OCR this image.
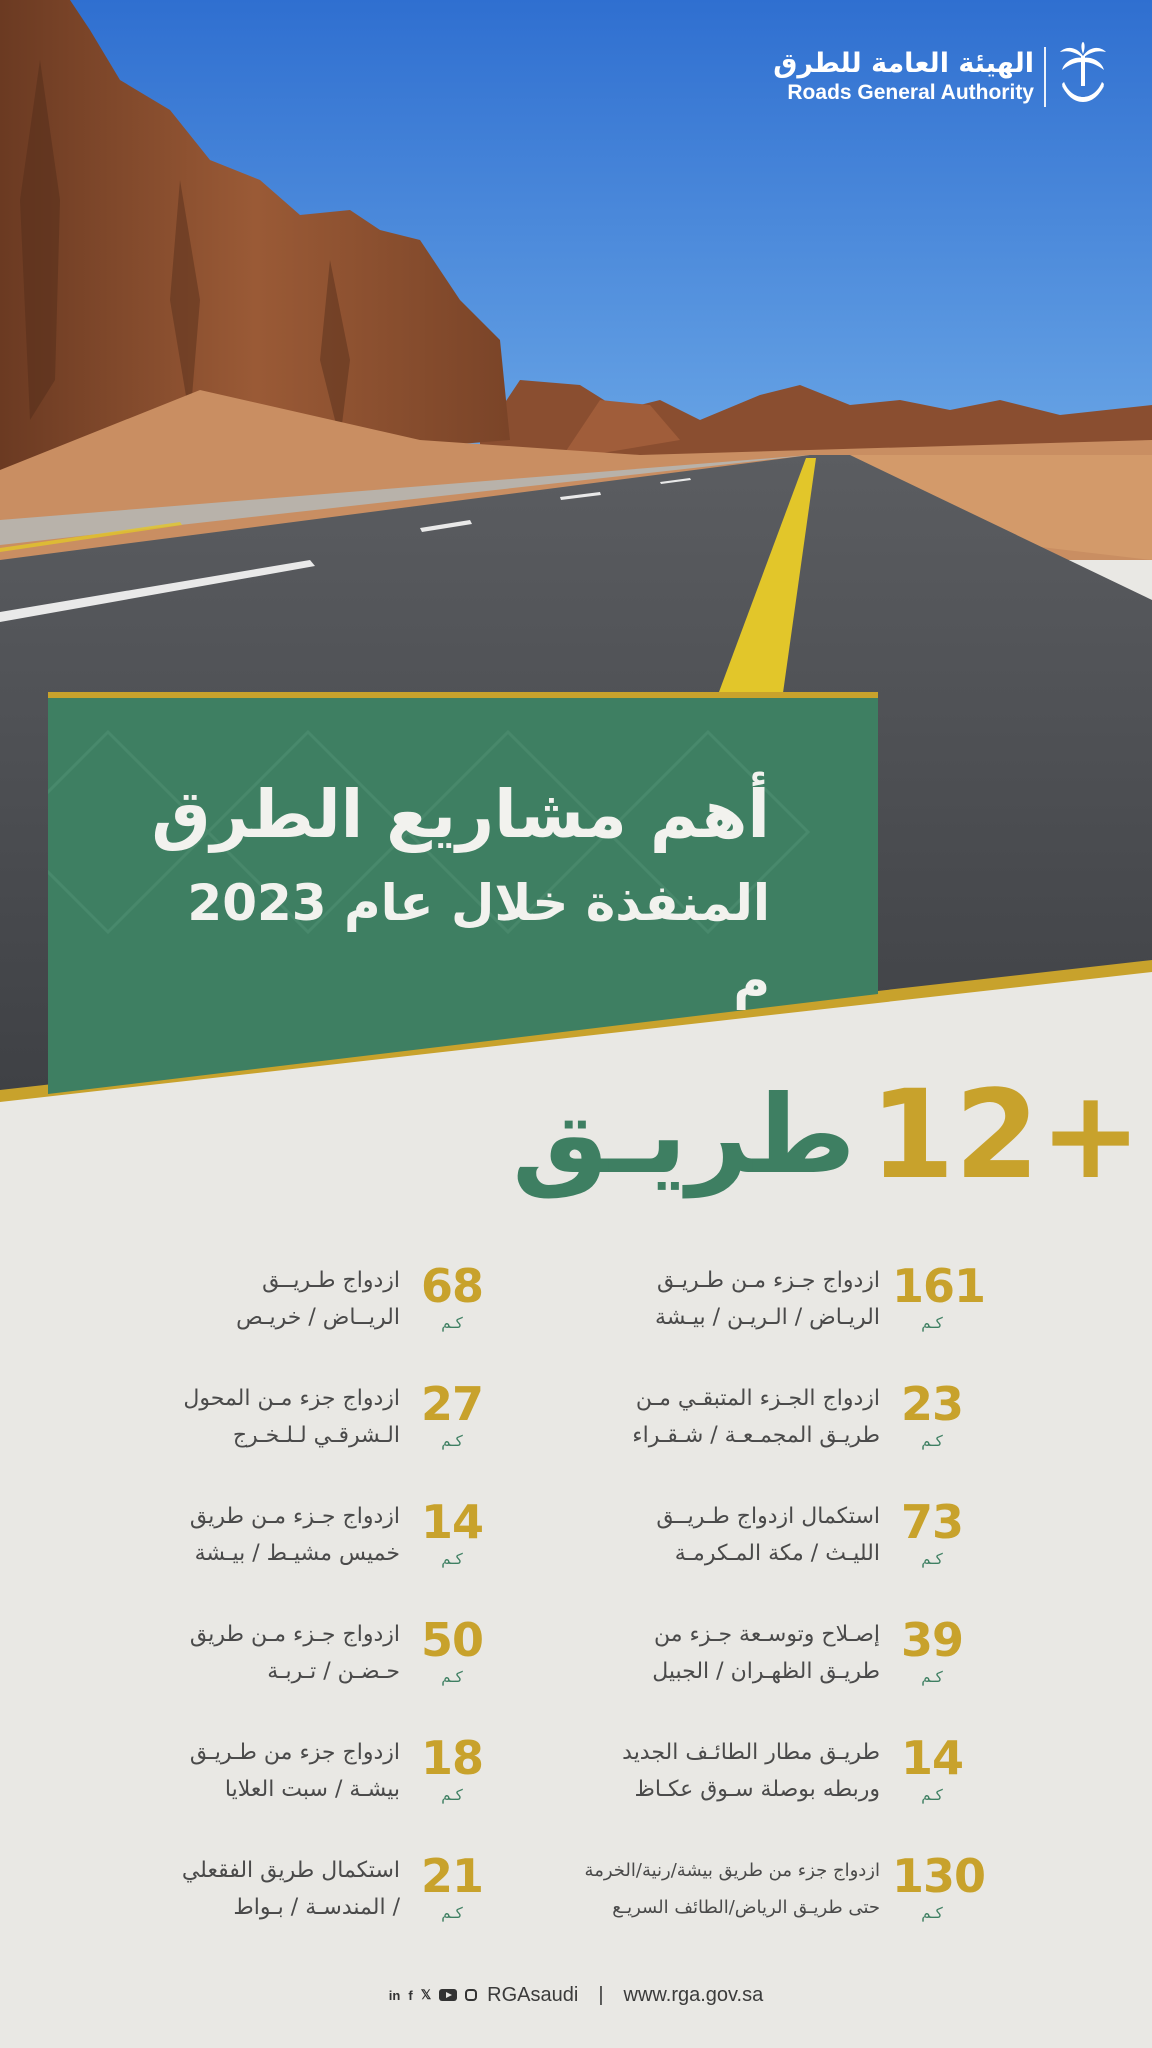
الهيئة العامة للطرق
Roads General Authority
أهم مشاريع الطرق
المنفذة خلال عام 2023 م
طريـق 12+
161
كـم
ازدواج جـزء مـن طـريـق
الريـاض / الـريـن / بيـشة
68
كـم
ازدواج طـريــق
الريــاض / خريـص
23
كـم
ازدواج الجـزء المتبقـي مـن
طريـق المجمـعـة / شـقـراء
27
كـم
ازدواج جزء مـن المحول
الـشرقـي لـلـخـرج
73
كـم
استكمال ازدواج طـريــق
الليـث / مكة المـكرمـة
14
كـم
ازدواج جـزء مـن طريق
خميس مشيـط / بيـشة
39
كـم
إصـلاح وتوسـعة جـزء من
طريـق الظهـران / الجبيل
50
كـم
ازدواج جـزء مـن طريق
حـضـن / تـربـة
14
كـم
طريـق مطار الطائـف الجديد
وربطه بوصلة سـوق عكـاظ
18
كـم
ازدواج جزء من طـريـق
بيشـة / سبت العلايا
130
كـم
ازدواج جزء من طريق بيشة/رنية/الخرمة
حتى طريـق الرياض/الطائف السريـع
21
كـم
استكمال طريق الفقعلي
/ المندسـة / بـواط
in f 𝕏	RGAsaudi | www.rga.gov.sa
